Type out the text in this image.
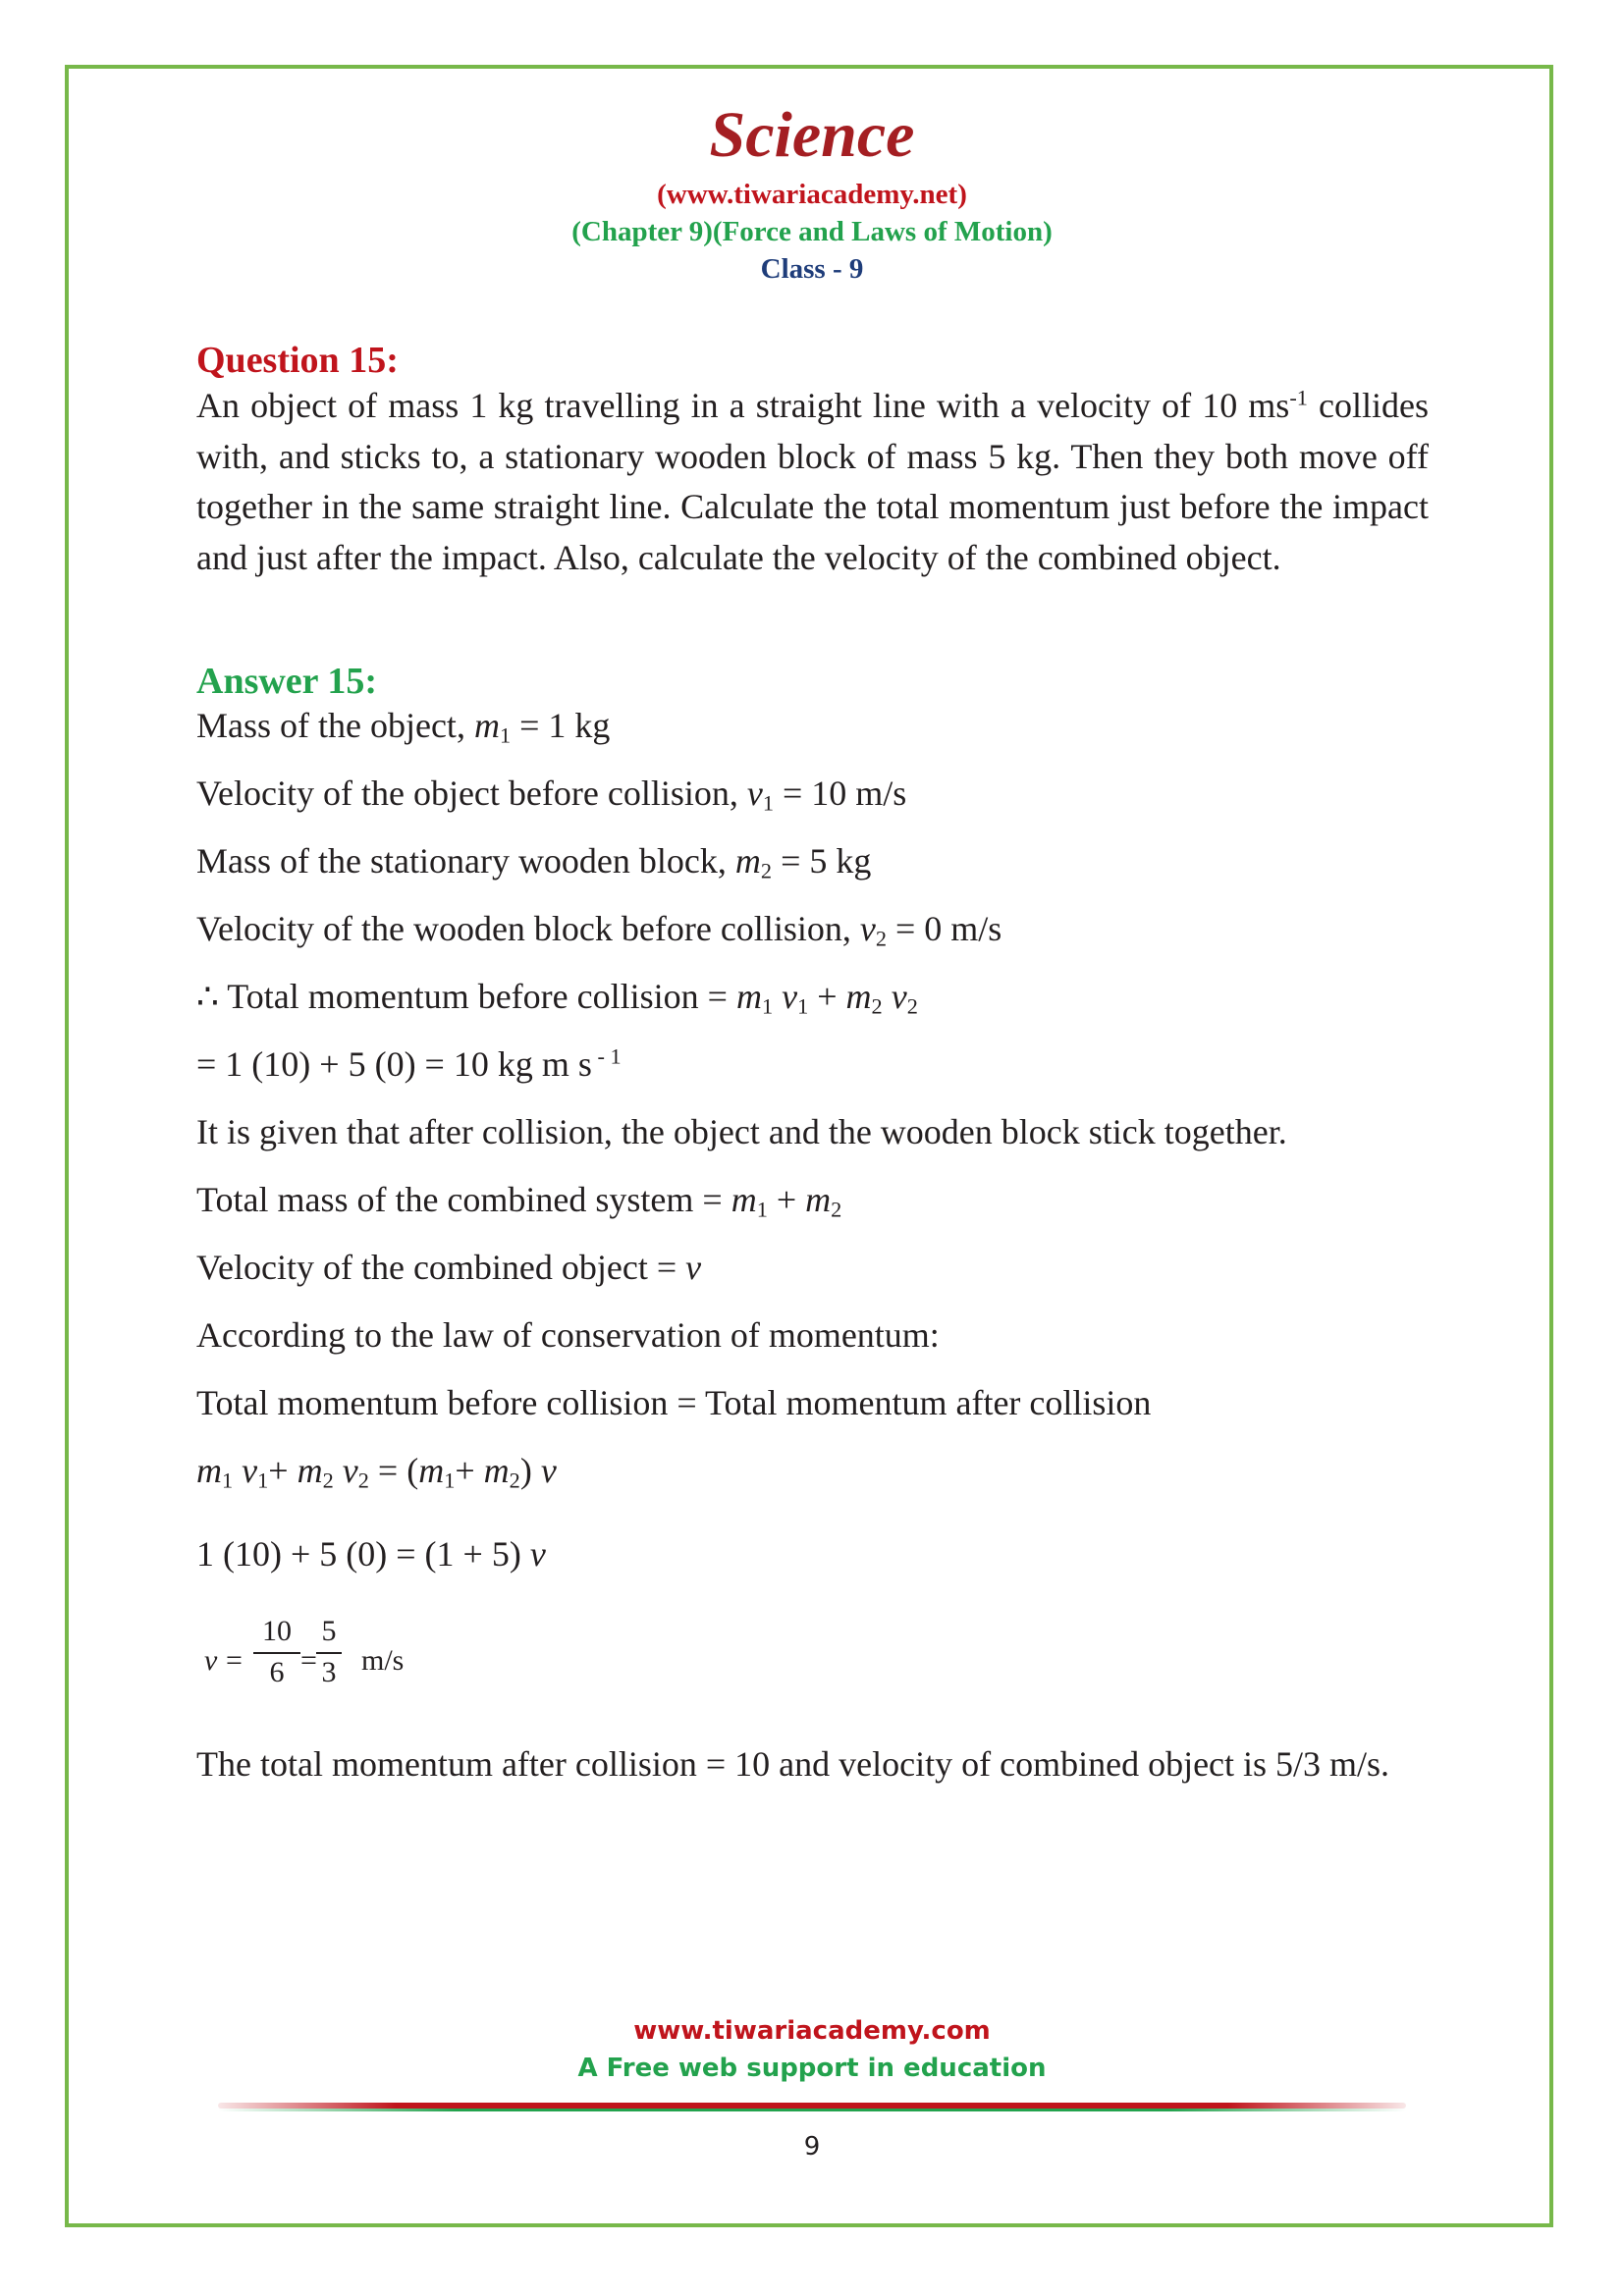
Science
(www.tiwariacademy.net)
(Chapter 9)(Force and Laws of Motion)
Class - 9
Question 15:
An object of mass 1 kg travelling in a straight line with a velocity of 10 $ms^{-1}$ collides with, and sticks to, a stationary wooden block of mass 5 kg. Then they both move off together in the same straight line. Calculate the total momentum just before the impact and just after the impact. Also, calculate the velocity of the combined object.
Answer 15:
Mass of the object, $m_1 = 1$ kg
Velocity of the object before collision, $v_1 = 10$ m/s
Mass of the stationary wooden block, $m_2 = 5$ kg
Velocity of the wooden block before collision, $v_2 = 0$ m/s
∴ Total momentum before collision = $m_1$ $v_1 + m_2$ $v_2$
= 1 (10) + 5 (0) = 10 kg m s $^{- 1}$
It is given that after collision, the object and the wooden block stick together.
Total mass of the combined system = $m_1 + m_2$
Velocity of the combined object = v
According to the law of conservation of momentum:
Total momentum before collision = Total momentum after collision
$m_1$ $v_1+ m_2$ $v_2 = (m_1+ m_2)$ v
1 (10) + 5 (0) = (1 + 5) v
v =
10
6 =
5
3 m/s
The total momentum after collision = 10 and velocity of combined object is 5/3 m/s.
www.tiwariacademy.com
A Free web support in education
9
